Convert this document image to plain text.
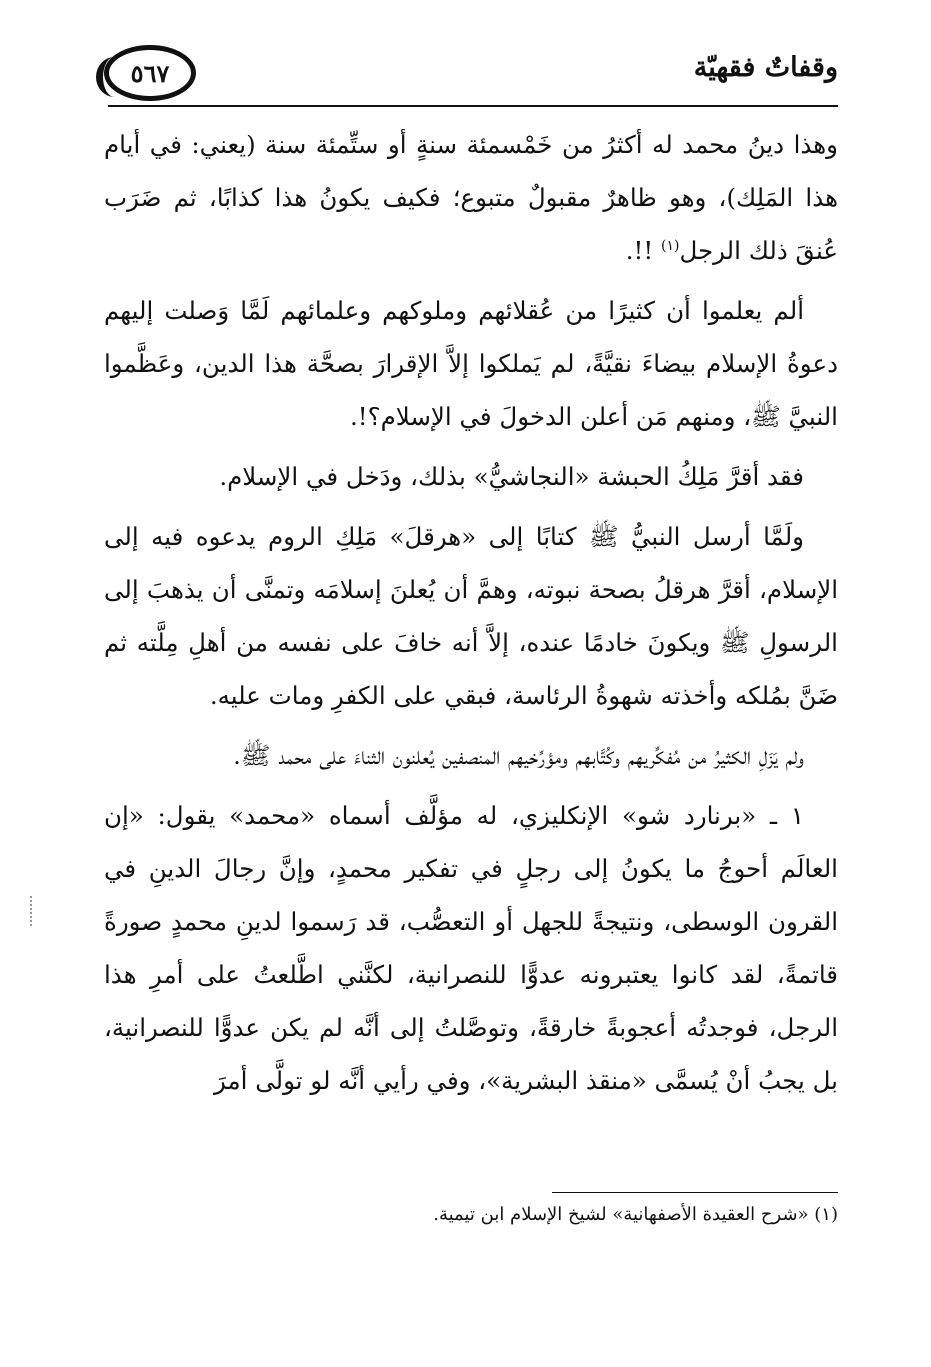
وقفاتٌ فقهيّة
٥٦٧

وهذا دينُ محمد له أكثرُ من خَمْسمئة سنةٍ أو ستِّمئة سنة (يعني: في أيام هذا المَلِك)، وهو ظاهرٌ مقبولٌ متبوع؛ فكيف يكونُ هذا كذابًا، ثم ضَرَب عُنقَ ذلك الرجل$^{(١)}$ !!.

ألم يعلموا أن كثيرًا من عُقلائهم وملوكهم وعلمائهم لَمَّا وَصلت إليهم دعوةُ الإسلام بيضاءَ نقيَّةً، لم يَملكوا إلاَّ الإقرارَ بصحَّة هذا الدين، وعَظَّموا النبيَّ ﷺ، ومنهم مَن أعلن الدخولَ في الإسلام؟!.

فقد أقرَّ مَلِكُ الحبشة «النجاشيُّ» بذلك، ودَخل في الإسلام.

ولَمَّا أرسل النبيُّ ﷺ كتابًا إلى «هرقلَ» مَلِكِ الروم يدعوه فيه إلى الإسلام، أقرَّ هرقلُ بصحة نبوته، وهمَّ أن يُعلنَ إسلامَه وتمنَّى أن يذهبَ إلى الرسولِ ﷺ ويكونَ خادمًا عنده، إلاَّ أنه خافَ على نفسه من أهلِ مِلَّته ثم ضَنَّ بمُلكه وأخذته شهوةُ الرئاسة، فبقي على الكفرِ ومات عليه.

ولم يَزَلِ الكثيرُ من مُفكِّريهم وكُتَّابهم ومؤرِّخيهم المنصفين يُعلنون الثناءَ على محمد ﷺ.

١ ـ «برنارد شو» الإنكليزي، له مؤلَّف أسماه «محمد» يقول: «إن العالَم أحوجُ ما يكونُ إلى رجلٍ في تفكير محمدٍ، وإنَّ رجالَ الدينِ في القرون الوسطى، ونتيجةً للجهل أو التعصُّب، قد رَسموا لدينِ محمدٍ صورةً قاتمةً، لقد كانوا يعتبرونه عدوًّا للنصرانية، لكنَّني اطَّلعتُ على أمرِ هذا الرجل، فوجدتُه أعجوبةً خارقةً، وتوصَّلتُ إلى أنَّه لم يكن عدوًّا للنصرانية، بل يجبُ أنْ يُسمَّى «منقذ البشرية»، وفي رأيي أنَّه لو تولَّى أمرَ

(١) «شرح العقيدة الأصفهانية» لشيخ الإسلام ابن تيمية.
